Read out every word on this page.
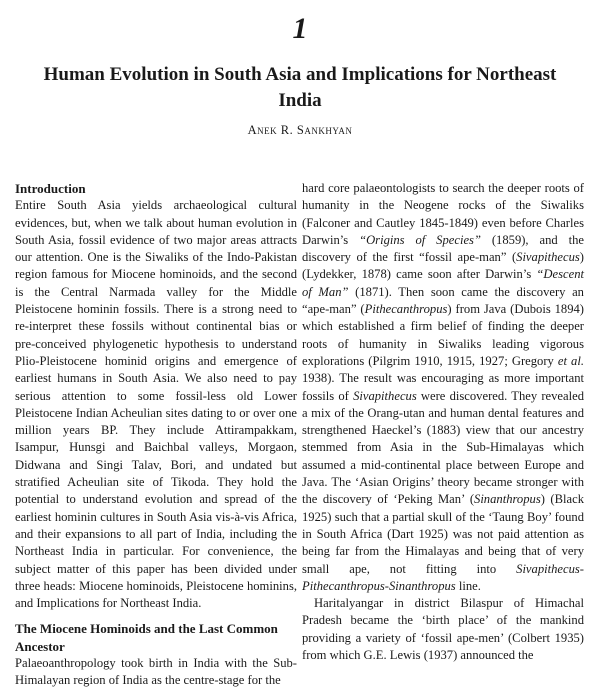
1
Human Evolution in South Asia and Implications for Northeast India
Anek R. Sankhyan
Introduction

Entire South Asia yields archaeological cultural evidences, but, when we talk about human evolution in South Asia, fossil evidence of two major areas attracts our attention. One is the Siwaliks of the Indo-Pakistan region famous for Miocene hominoids, and the second is the Central Narmada valley for the Middle Pleistocene hominin fossils. There is a strong need to re-interpret these fossils without continental bias or pre-conceived phylogenetic hypothesis to understand Plio-Pleistocene hominid origins and emergence of earliest humans in South Asia. We also need to pay serious attention to some fossil-less old Lower Pleistocene Indian Acheulian sites dating to or over one million years BP. They include Attirampakkam, Isampur, Hunsgi and Baichbal valleys, Morgaon, Didwana and Singi Talav, Bori, and undated but stratified Acheulian site of Tikoda. They hold the potential to understand evolution and spread of the earliest hominin cultures in South Asia vis-à-vis Africa, and their expansions to all part of India, including the Northeast India in particular. For convenience, the subject matter of this paper has been divided under three heads: Miocene hominoids, Pleistocene hominins, and Implications for Northeast India.

The Miocene Hominoids and the Last Common Ancestor

Palaeoanthropology took birth in India with the Sub-Himalayan region of India as the centre-stage for the

hard core palaeontologists to search the deeper roots of humanity in the Neogene rocks of the Siwaliks (Falconer and Cautley 1845-1849) even before Charles Darwin’s “Origins of Species” (1859), and the discovery of the first “fossil ape-man” (Sivapithecus) (Lydekker, 1878) came soon after Darwin’s “Descent of Man” (1871). Then soon came the discovery an “ape-man” (Pithecanthropus) from Java (Dubois 1894) which established a firm belief of finding the deeper roots of humanity in Siwaliks leading vigorous explorations (Pilgrim 1910, 1915, 1927; Gregory et al. 1938). The result was encouraging as more important fossils of Sivapithecus were discovered. They revealed a mix of the Orang-utan and human dental features and strengthened Haeckel’s (1883) view that our ancestry stemmed from Asia in the Sub-Himalayas which assumed a mid-continental place between Europe and Java. The ‘Asian Origins’ theory became stronger with the discovery of ‘Peking Man’ (Sinanthropus) (Black 1925) such that a partial skull of the ‘Taung Boy’ found in South Africa (Dart 1925) was not paid attention as being far from the Himalayas and being that of very small ape, not fitting into Sivapithecus-Pithecanthropus-Sinanthropus line.

Haritalyangar in district Bilaspur of Himachal Pradesh became the ‘birth place’ of the mankind providing a variety of ‘fossil ape-men’ (Colbert 1935) from which G.E. Lewis (1937) announced the
